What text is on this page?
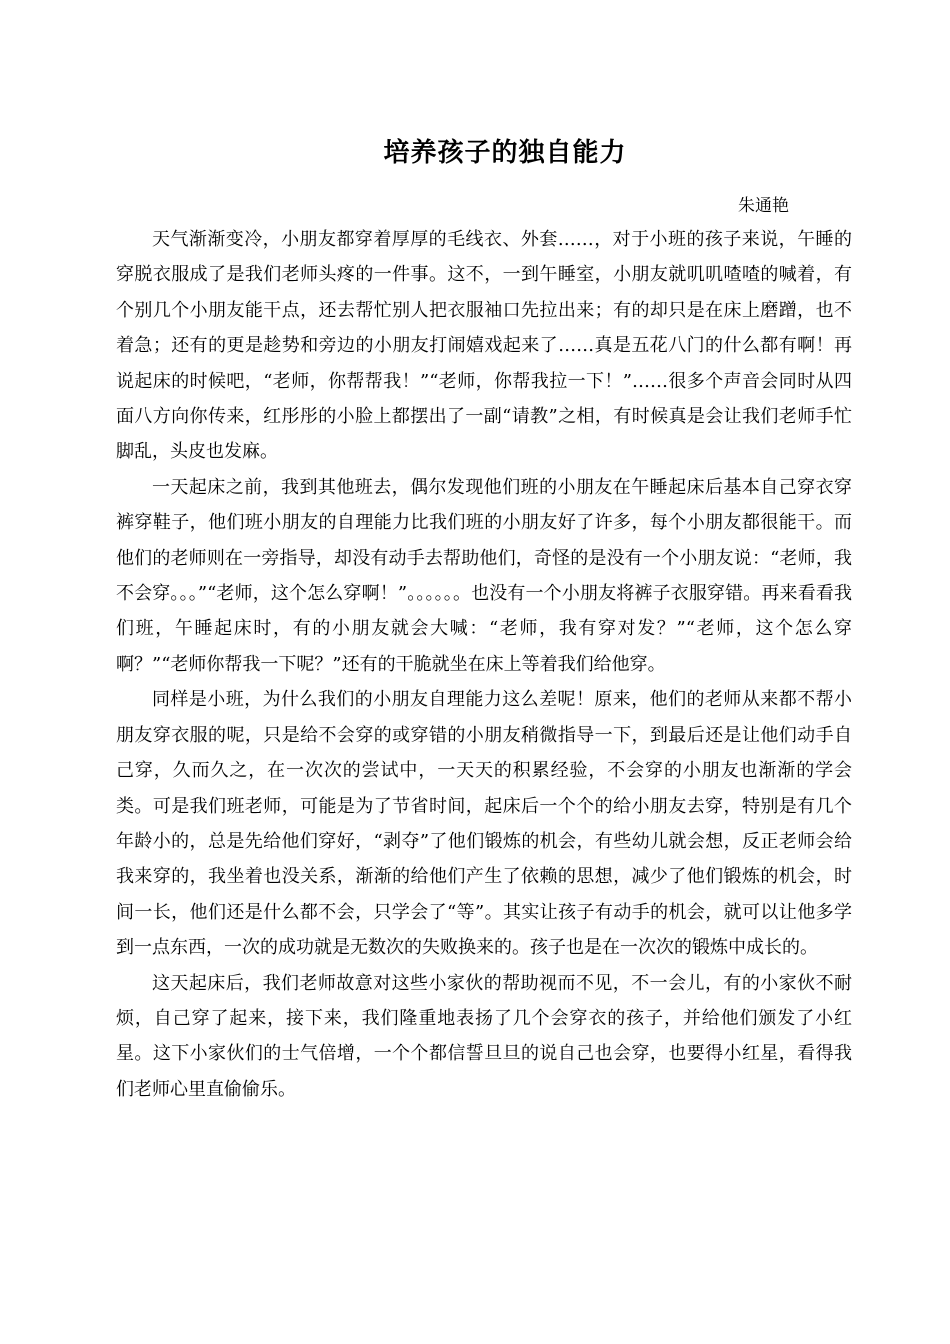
培养孩子的独自能力

朱通艳

天气渐渐变冷，小朋友都穿着厚厚的毛线衣、外套……，对于小班的孩子来说，午睡的穿脱衣服成了是我们老师头疼的一件事。这不，一到午睡室，小朋友就叽叽喳喳的喊着，有个别几个小朋友能干点，还去帮忙别人把衣服袖口先拉出来；有的却只是在床上磨蹭，也不着急；还有的更是趁势和旁边的小朋友打闹嬉戏起来了……真是五花八门的什么都有啊！再说起床的时候吧，“老师，你帮帮我！”“老师，你帮我拉一下！”……很多个声音会同时从四面八方向你传来，红彤彤的小脸上都摆出了一副“请教”之相，有时候真是会让我们老师手忙脚乱，头皮也发麻。

一天起床之前，我到其他班去，偶尔发现他们班的小朋友在午睡起床后基本自己穿衣穿裤穿鞋子，他们班小朋友的自理能力比我们班的小朋友好了许多，每个小朋友都很能干。而他们的老师则在一旁指导，却没有动手去帮助他们，奇怪的是没有一个小朋友说：“老师，我不会穿。。。”“老师，这个怎么穿啊！”。。。。。。也没有一个小朋友将裤子衣服穿错。再来看看我们班，午睡起床时，有的小朋友就会大喊：“老师，我有穿对发？”“老师，这个怎么穿啊？”“老师你帮我一下呢？”还有的干脆就坐在床上等着我们给他穿。

同样是小班，为什么我们的小朋友自理能力这么差呢！原来，他们的老师从来都不帮小朋友穿衣服的呢，只是给不会穿的或穿错的小朋友稍微指导一下，到最后还是让他们动手自己穿，久而久之，在一次次的尝试中，一天天的积累经验，不会穿的小朋友也渐渐的学会类。可是我们班老师，可能是为了节省时间，起床后一个个的给小朋友去穿，特别是有几个年龄小的，总是先给他们穿好，“剥夺”了他们锻炼的机会，有些幼儿就会想，反正老师会给我来穿的，我坐着也没关系，渐渐的给他们产生了依赖的思想，减少了他们锻炼的机会，时间一长，他们还是什么都不会，只学会了“等”。其实让孩子有动手的机会，就可以让他多学到一点东西，一次的成功就是无数次的失败换来的。孩子也是在一次次的锻炼中成长的。

这天起床后，我们老师故意对这些小家伙的帮助视而不见，不一会儿，有的小家伙不耐烦，自己穿了起来，接下来，我们隆重地表扬了几个会穿衣的孩子，并给他们颁发了小红星。这下小家伙们的士气倍增，一个个都信誓旦旦的说自己也会穿，也要得小红星，看得我们老师心里直偷偷乐。
